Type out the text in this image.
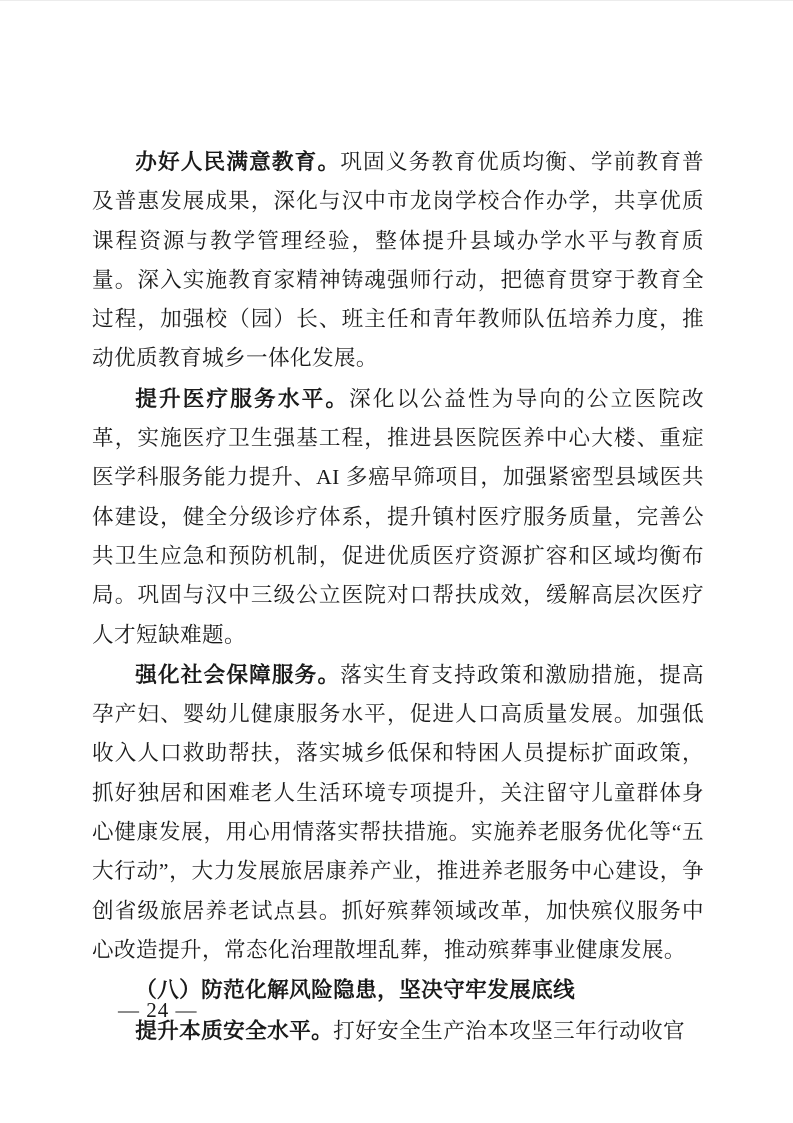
办好人民满意教育。巩固义务教育优质均衡、学前教育普及普惠发展成果，深化与汉中市龙岗学校合作办学，共享优质课程资源与教学管理经验，整体提升县域办学水平与教育质量。深入实施教育家精神铸魂强师行动，把德育贯穿于教育全过程，加强校（园）长、班主任和青年教师队伍培养力度，推动优质教育城乡一体化发展。

提升医疗服务水平。深化以公益性为导向的公立医院改革，实施医疗卫生强基工程，推进县医院医养中心大楼、重症医学科服务能力提升、AI 多癌早筛项目，加强紧密型县域医共体建设，健全分级诊疗体系，提升镇村医疗服务质量，完善公共卫生应急和预防机制，促进优质医疗资源扩容和区域均衡布局。巩固与汉中三级公立医院对口帮扶成效，缓解高层次医疗人才短缺难题。

强化社会保障服务。落实生育支持政策和激励措施，提高孕产妇、婴幼儿健康服务水平，促进人口高质量发展。加强低收入人口救助帮扶，落实城乡低保和特困人员提标扩面政策，抓好独居和困难老人生活环境专项提升，关注留守儿童群体身心健康发展，用心用情落实帮扶措施。实施养老服务优化等“五大行动”，大力发展旅居康养产业，推进养老服务中心建设，争创省级旅居养老试点县。抓好殡葬领域改革，加快殡仪服务中心改造提升，常态化治理散埋乱葬，推动殡葬事业健康发展。

（八）防范化解风险隐患，坚决守牢发展底线

提升本质安全水平。打好安全生产治本攻坚三年行动收官

— 24 —
